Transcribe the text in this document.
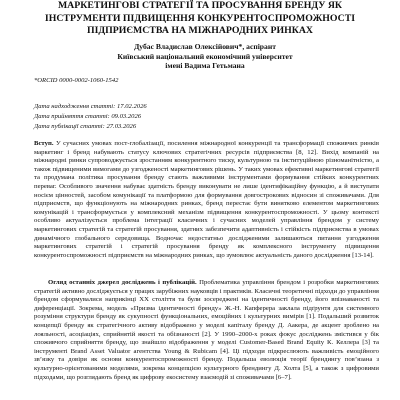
МАРКЕТИНГОВІ СТРАТЕГІЇ ТА ПРОСУВАННЯ БРЕНДУ ЯК
ІНСТРУМЕНТИ ПІДВИЩЕННЯ КОНКУРЕНТОСПРОМОЖНОСТІ
ПІДПРИЄМСТВА НА МІЖНАРОДНИХ РИНКАХ
Дубас Владислав Олексійович*, аспірант
Київський національний економічний університет
імені Вадима Гетьмана
*ORCID 0000-0002-1060-1542
Дата надходження статті: 17.02.2026
Дата прийняття статті: 09.03.2026
Дата публікації статті: 27.03.2026

Вступ. У сучасних умовах пост-глобалізації, посилення міжнародної конкуренції та трансформації споживчих ринків маркетинг і бренд набувають статусу ключових стратегічних ресурсів підприємства [8, 12]. Вихід компаній на міжнародні ринки супроводжується зростанням конкурентного тиску, культурною та інституційною різноманітністю, а також підвищеними вимогами до узгодженості маркетингових рішень. У таких умовах ефективні маркетингові стратегії та продумана політика просування бренду стають важливими інструментами формування стійких конкурентних переваг. Особливого значення набуває здатність бренду виконувати не лише ідентифікаційну функцію, а й виступати носієм цінностей, засобом комунікації та платформою для формування довгострокових відносин зі споживачами. Для підприємств, що функціонують на міжнародних ринках, бренд перестає бути винятково елементом маркетингових комунікацій і трансформується у комплексний механізм підвищення конкурентоспроможності. У цьому контексті особливо актуалізується проблема інтеграції класичних і сучасних моделей управління брендом у систему маркетингових стратегій та стратегій просування, здатних забезпечити адаптивність і стійкість підприємства в умовах динамічного глобального середовища. Водночас недостатньо дослідженими залишаються питання узгодження маркетингових стратегій і стратегій просування бренду як комплексного інструменту підвищення конкурентоспроможності підприємств на міжнародних ринках, що зумовлює актуальність даного дослідження [13-14].

Огляд останніх джерел досліджень і публікацій. Проблематика управління брендом і розробки маркетингових стратегій активно досліджується у працях зарубіжних науковців і практиків. Класичні теоретичні підходи до управління брендом сформувалися наприкінці XX століття та були зосереджені на ідентичності бренду, його впізнаваності та диференціації. Зокрема, модель «Призма ідентичності бренду» Ж.-Н. Капферера заклала підґрунтя для системного розуміння структури бренду як сукупності функціональних, емоційних і культурних вимірів [1]. Подальший розвиток концепції бренду як стратегічного активу відображено у моделі капіталу бренду Д. Аакера, де акцент зроблено на лояльності, асоціаціях, сприйнятій якості та обізнаності [2]. У 1990–2000-х роках фокус досліджень змістився у бік споживчого сприйняття бренду, що знайшло відображення у моделі Customer-Based Brand Equity К. Келлера [3] та інструменті Brand Asset Valuator агентства Young & Rubicam [4]. Ці підходи підкреслюють важливість емоційного зв’язку та довіри як основи конкурентоспроможності бренду. Подальша еволюція теорії брендингу пов’язана з культурно-орієнтованими моделями, зокрема концепцією культурного брендингу Д. Холта [5], а також з цифровими підходами, що розглядають бренд як цифрову екосистему взаємодій зі споживачами [6–7].
